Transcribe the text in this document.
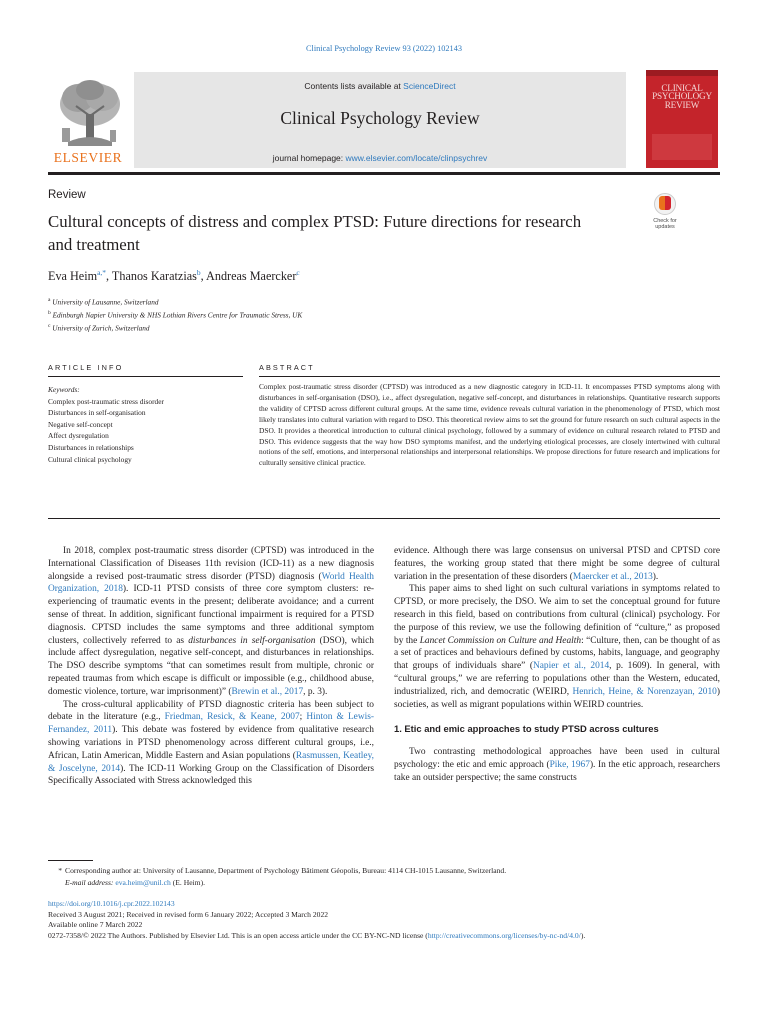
Clinical Psychology Review 93 (2022) 102143
ELSEVIER
Contents lists available at ScienceDirect
Clinical Psychology Review
journal homepage: www.elsevier.com/locate/clinpsychrev
CLINICAL
PSYCHOLOGY
REVIEW
Review
Cultural concepts of distress and complex PTSD: Future directions for research and treatment
Check for
updates
Eva Heim$^{a,*}$, Thanos Karatzias$^b$, Andreas Maercker$^c$
$^a$ University of Lausanne, Switzerland
$^b$ Edinburgh Napier University & NHS Lothian Rivers Centre for Traumatic Stress, UK
$^c$ University of Zurich, Switzerland
ARTICLE INFO	ABSTRACT
Keywords:
Complex post-traumatic stress disorder
Disturbances in self-organisation
Negative self-concept
Affect dysregulation
Disturbances in relationships
Cultural clinical psychology
Complex post-traumatic stress disorder (CPTSD) was introduced as a new diagnostic category in ICD-11. It encompasses PTSD symptoms along with disturbances in self-organisation (DSO), i.e., affect dysregulation, negative self-concept, and disturbances in relationships. Quantitative research supports the validity of CPTSD across different cultural groups. At the same time, evidence reveals cultural variation in the phenomenology of PTSD, which most likely translates into cultural variation with regard to DSO. This theoretical review aims to set the ground for future research on such cultural aspects in the DSO. It provides a theoretical introduction to cultural clinical psychology, followed by a summary of evidence on cultural research related to PTSD and DSO. This evidence suggests that the way how DSO symptoms manifest, and the underlying etiological processes, are closely intertwined with cultural notions of the self, emotions, and interpersonal relationships and interpersonal relationships. We propose directions for future research and implications for culturally sensitive clinical practice.

In 2018, complex post-traumatic stress disorder (CPTSD) was introduced in the International Classification of Diseases 11th revision (ICD-11) as a new diagnosis alongside a revised post-traumatic stress disorder (PTSD) diagnosis (World Health Organization, 2018). ICD-11 PTSD consists of three core symptom clusters: re-experiencing of traumatic events in the present; deliberate avoidance; and a current sense of threat. In addition, significant functional impairment is required for a PTSD diagnosis. CPTSD includes the same symptoms and three additional symptom clusters, collectively referred to as disturbances in self-organisation (DSO), which include affect dysregulation, negative self-concept, and disturbances in relationships. The DSO describe symptoms “that can sometimes result from multiple, chronic or repeated traumas from which escape is difficult or impossible (e.g., childhood abuse, domestic violence, torture, war imprisonment)” (Brewin et al., 2017, p. 3).

The cross-cultural applicability of PTSD diagnostic criteria has been subject to debate in the literature (e.g., Friedman, Resick, & Keane, 2007; Hinton & Lewis-Fernandez, 2011). This debate was fostered by evidence from qualitative research showing variations in PTSD phenomenology across different cultural groups, i.e., African, Latin American, Middle Eastern and Asian populations (Rasmussen, Keatley, & Joscelyne, 2014). The ICD-11 Working Group on the Classification of Disorders Specifically Associated with Stress acknowledged this

evidence. Although there was large consensus on universal PTSD and CPTSD core features, the working group stated that there might be some degree of cultural variation in the presentation of these disorders (Maercker et al., 2013).

This paper aims to shed light on such cultural variations in symptoms related to CPTSD, or more precisely, the DSO. We aim to set the conceptual ground for future research in this field, based on contributions from cultural (clinical) psychology. For the purpose of this review, we use the following definition of “culture,” as proposed by the Lancet Commission on Culture and Health: “Culture, then, can be thought of as a set of practices and behaviours defined by customs, habits, language, and geography that groups of individuals share” (Napier et al., 2014, p. 1609). In general, with “cultural groups,” we are referring to populations other than the Western, educated, industrialized, rich, and democratic (WEIRD, Henrich, Heine, & Norenzayan, 2010) societies, as well as migrant populations within WEIRD countries.

1. Etic and emic approaches to study PTSD across cultures

Two contrasting methodological approaches have been used in cultural psychology: the etic and emic approach (Pike, 1967). In the etic approach, researchers take an outsider perspective; the same constructs

* Corresponding author at: University of Lausanne, Department of Psychology Bâtiment Géopolis, Bureau: 4114 CH-1015 Lausanne, Switzerland.
E-mail address: eva.heim@unil.ch (E. Heim).
https://doi.org/10.1016/j.cpr.2022.102143
Received 3 August 2021; Received in revised form 6 January 2022; Accepted 3 March 2022
Available online 7 March 2022
0272-7358/© 2022 The Authors. Published by Elsevier Ltd. This is an open access article under the CC BY-NC-ND license (http://creativecommons.org/licenses/by-nc-nd/4.0/).
